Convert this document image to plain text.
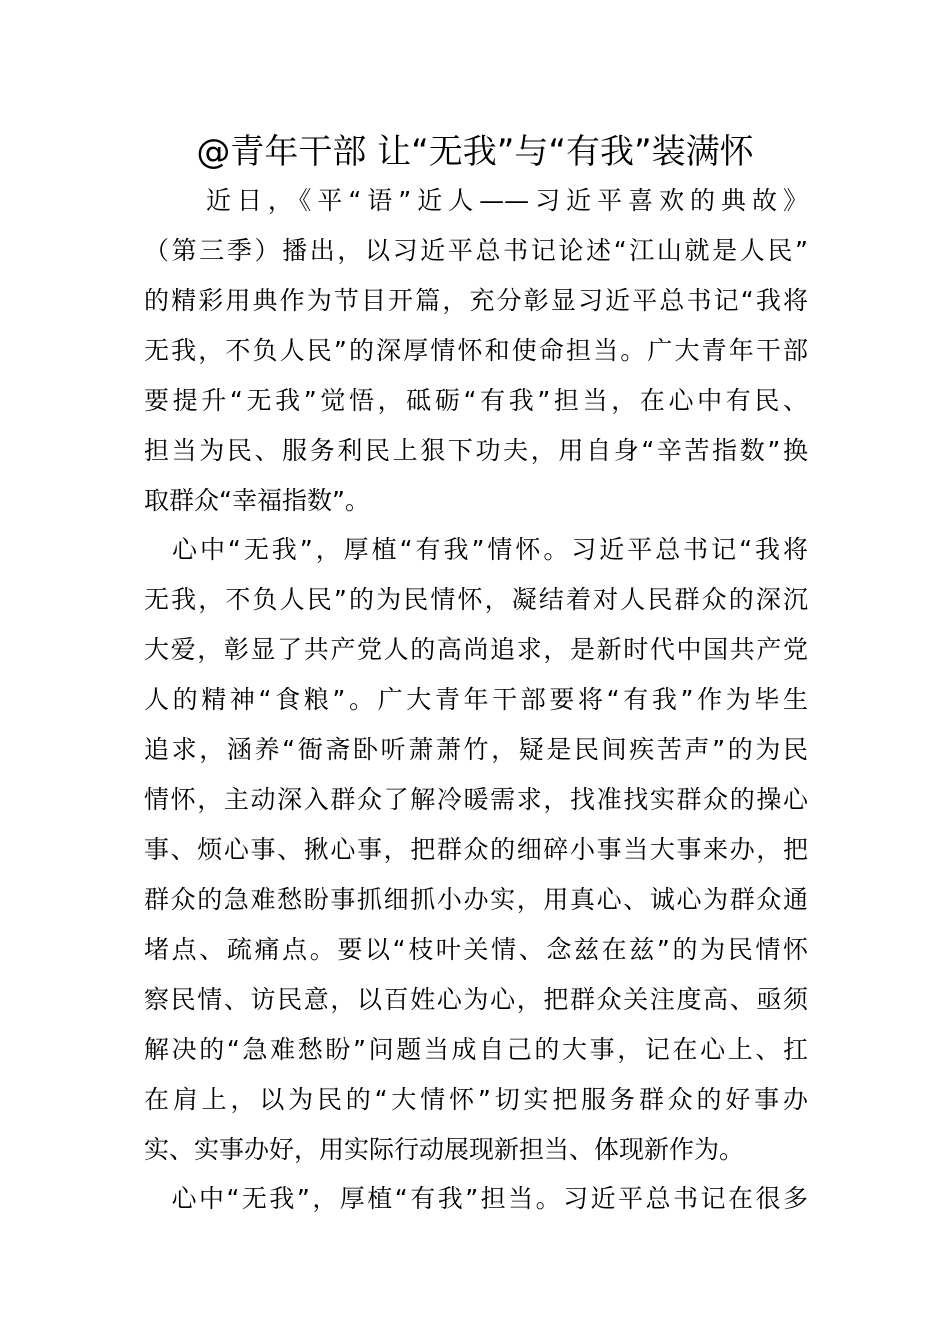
@青年干部 让“无我”与“有我”装满怀
　　近日，《平“语”近人——习近平喜欢的典故》
（第三季）播出，以习近平总书记论述“江山就是人民”
的精彩用典作为节目开篇，充分彰显习近平总书记“我将
无我，不负人民”的深厚情怀和使命担当。广大青年干部
要提升“无我”觉悟，砥砺“有我”担当，在心中有民、
担当为民、服务利民上狠下功夫，用自身“辛苦指数”换
取群众“幸福指数”。
　心中“无我”，厚植“有我”情怀。习近平总书记“我将
无我，不负人民”的为民情怀，凝结着对人民群众的深沉
大爱，彰显了共产党人的高尚追求，是新时代中国共产党
人的精神“食粮”。广大青年干部要将“有我”作为毕生
追求，涵养“衙斋卧听萧萧竹，疑是民间疾苦声”的为民
情怀，主动深入群众了解冷暖需求，找准找实群众的操心
事、烦心事、揪心事，把群众的细碎小事当大事来办，把
群众的急难愁盼事抓细抓小办实，用真心、诚心为群众通
堵点、疏痛点。要以“枝叶关情、念兹在兹”的为民情怀
察民情、访民意，以百姓心为心，把群众关注度高、亟须
解决的“急难愁盼”问题当成自己的大事，记在心上、扛
在肩上，以为民的“大情怀”切实把服务群众的好事办
实、实事办好，用实际行动展现新担当、体现新作为。
　心中“无我”，厚植“有我”担当。习近平总书记在很多
